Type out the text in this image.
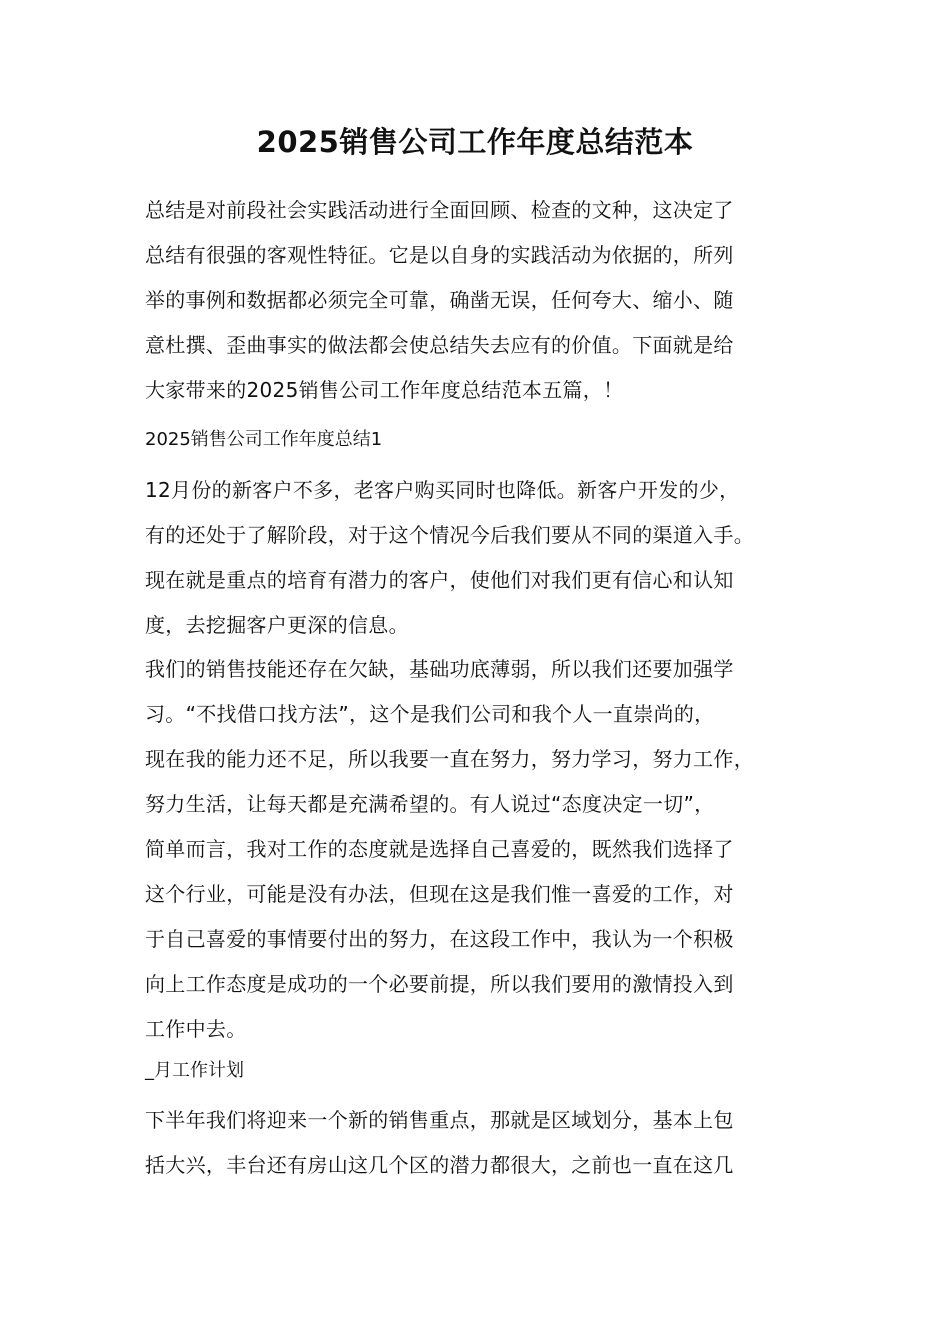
2025销售公司工作年度总结范本
总结是对前段社会实践活动进行全面回顾、检查的文种，这决定了
总结有很强的客观性特征。它是以自身的实践活动为依据的，所列
举的事例和数据都必须完全可靠，确凿无误，任何夸大、缩小、随
意杜撰、歪曲事实的做法都会使总结失去应有的价值。下面就是给
大家带来的2025销售公司工作年度总结范本五篇，！
2025销售公司工作年度总结1
12月份的新客户不多，老客户购买同时也降低。新客户开发的少，
有的还处于了解阶段，对于这个情况今后我们要从不同的渠道入手。
现在就是重点的培育有潜力的客户，使他们对我们更有信心和认知
度，去挖掘客户更深的信息。
我们的销售技能还存在欠缺，基础功底薄弱，所以我们还要加强学
习。“不找借口找方法”，这个是我们公司和我个人一直崇尚的，
现在我的能力还不足，所以我要一直在努力，努力学习，努力工作，
努力生活，让每天都是充满希望的。有人说过“态度决定一切”，
简单而言，我对工作的态度就是选择自己喜爱的，既然我们选择了
这个行业，可能是没有办法，但现在这是我们惟一喜爱的工作，对
于自己喜爱的事情要付出的努力，在这段工作中，我认为一个积极
向上工作态度是成功的一个必要前提，所以我们要用的激情投入到
工作中去。
_月工作计划
下半年我们将迎来一个新的销售重点，那就是区域划分，基本上包
括大兴，丰台还有房山这几个区的潜力都很大，之前也一直在这几
